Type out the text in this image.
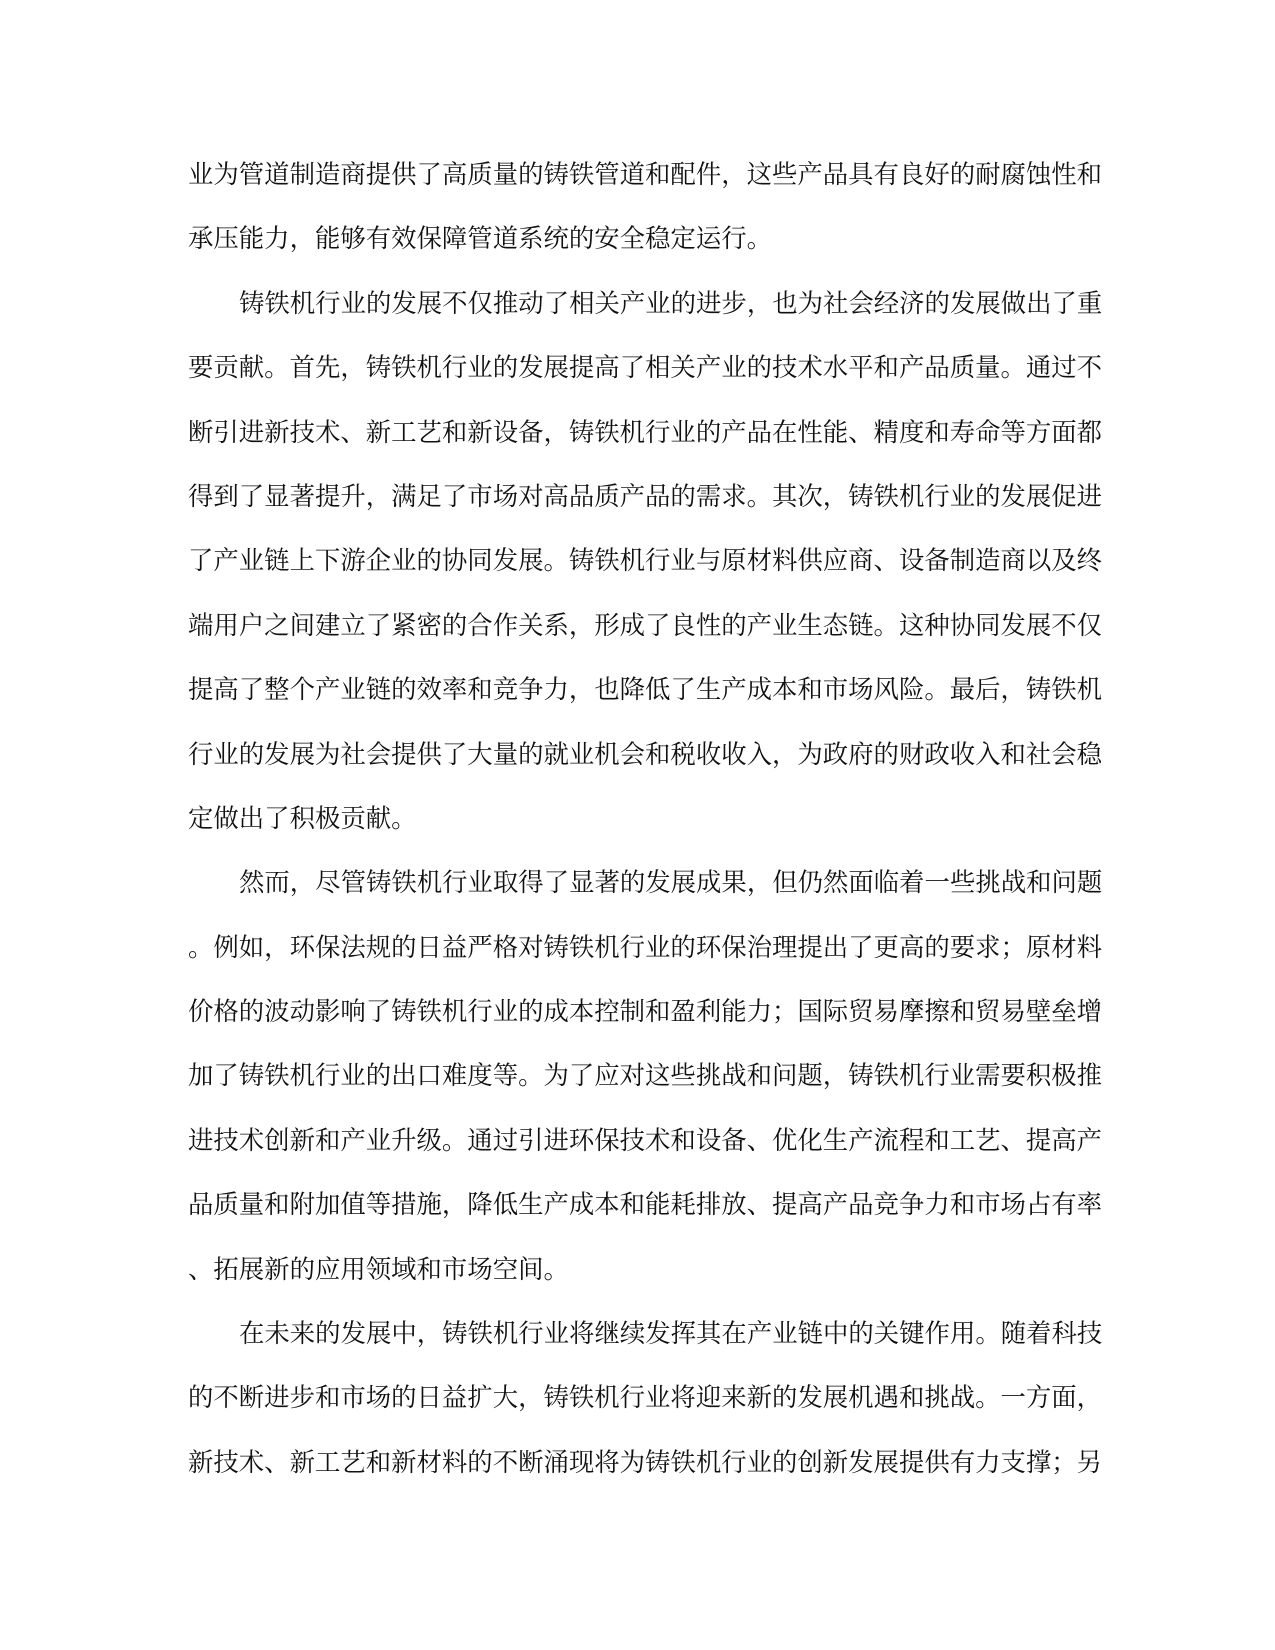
业为管道制造商提供了高质量的铸铁管道和配件，这些产品具有良好的耐腐蚀性和
承压能力，能够有效保障管道系统的安全稳定运行。
铸铁机行业的发展不仅推动了相关产业的进步，也为社会经济的发展做出了重
要贡献。首先，铸铁机行业的发展提高了相关产业的技术水平和产品质量。通过不
断引进新技术、新工艺和新设备，铸铁机行业的产品在性能、精度和寿命等方面都
得到了显著提升，满足了市场对高品质产品的需求。其次，铸铁机行业的发展促进
了产业链上下游企业的协同发展。铸铁机行业与原材料供应商、设备制造商以及终
端用户之间建立了紧密的合作关系，形成了良性的产业生态链。这种协同发展不仅
提高了整个产业链的效率和竞争力，也降低了生产成本和市场风险。最后，铸铁机
行业的发展为社会提供了大量的就业机会和税收收入，为政府的财政收入和社会稳
定做出了积极贡献。
然而，尽管铸铁机行业取得了显著的发展成果，但仍然面临着一些挑战和问题
。例如，环保法规的日益严格对铸铁机行业的环保治理提出了更高的要求；原材料
价格的波动影响了铸铁机行业的成本控制和盈利能力；国际贸易摩擦和贸易壁垒增
加了铸铁机行业的出口难度等。为了应对这些挑战和问题，铸铁机行业需要积极推
进技术创新和产业升级。通过引进环保技术和设备、优化生产流程和工艺、提高产
品质量和附加值等措施，降低生产成本和能耗排放、提高产品竞争力和市场占有率
、拓展新的应用领域和市场空间。
在未来的发展中，铸铁机行业将继续发挥其在产业链中的关键作用。随着科技
的不断进步和市场的日益扩大，铸铁机行业将迎来新的发展机遇和挑战。一方面，
新技术、新工艺和新材料的不断涌现将为铸铁机行业的创新发展提供有力支撑；另
